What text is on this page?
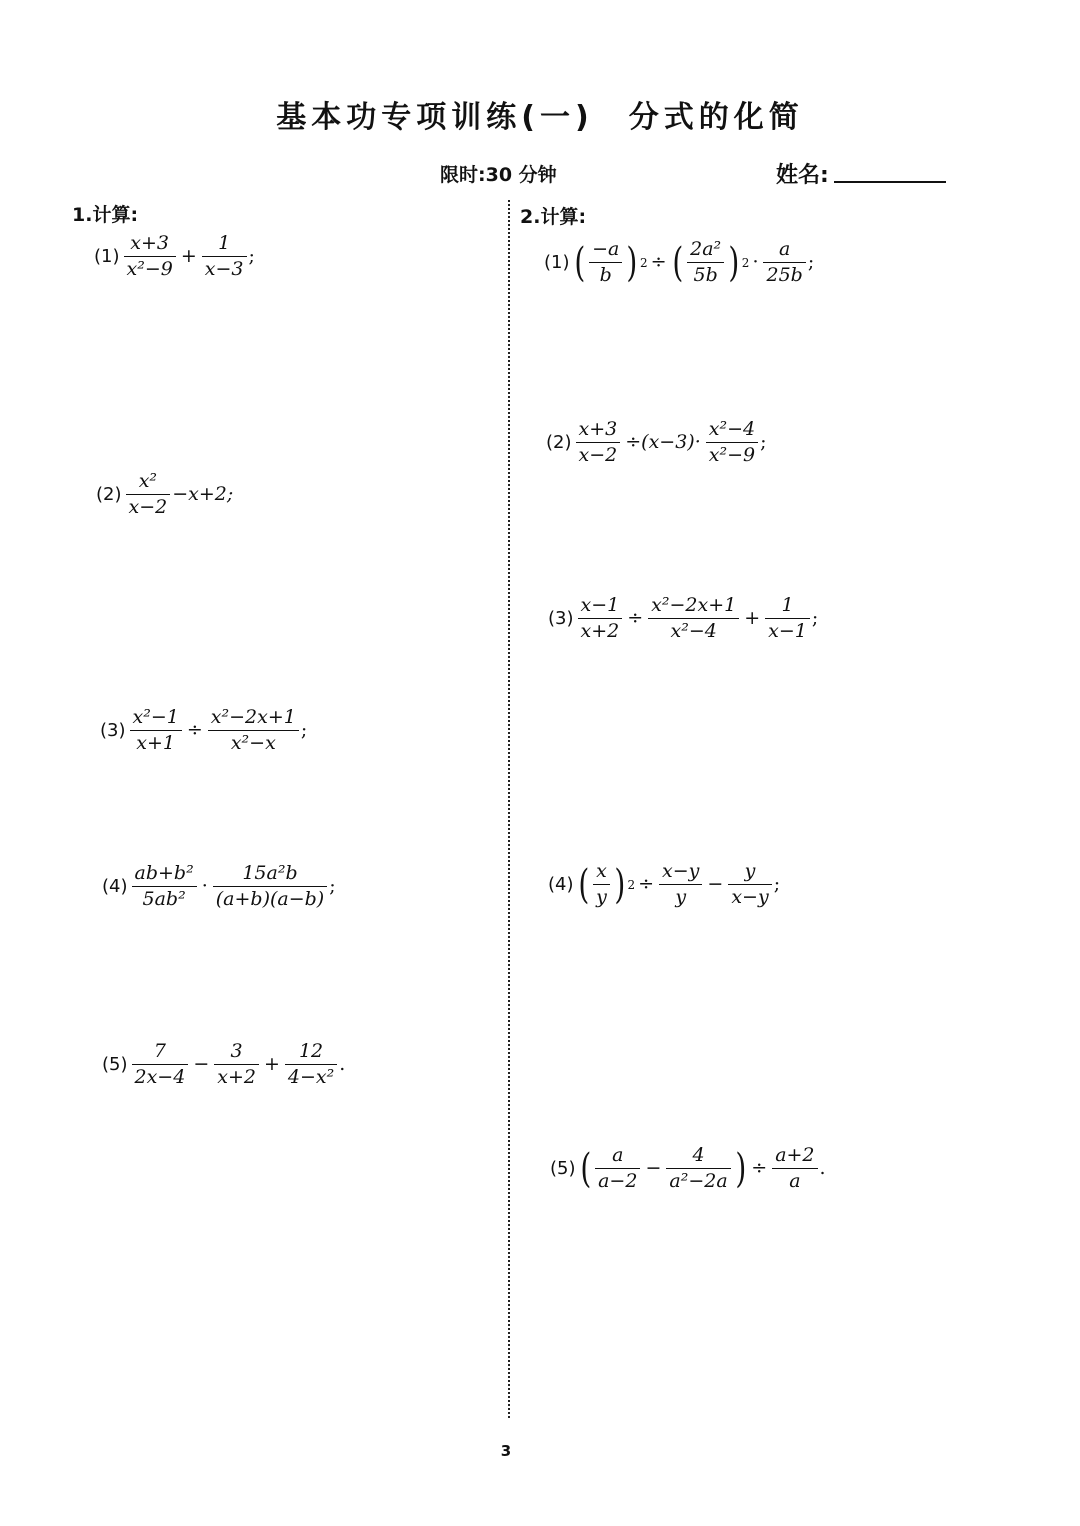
基本功专项训练(一)　分式的化简
限时:30 分钟	姓名:
1.计算:
$(1) \frac{x+3}{\text{x²−9}} + \frac{1}{x-3}$ ;
$(2) \frac{\text{x²}}{x-2} -x+2$;
$(3) \frac{\text{x²−1}}{x+1} \div \frac{\text{x²−2x+1}}{\text{x²−x}}$ ;
$(4) \frac{\text{ab+b²}}{\text{5ab²}} \cdot \frac{\text{15a²b}}{(a+b)(a-b)}$ ;
$(5) \frac{7}{2x-4} - \frac{3}{x+2} + \frac{12}{\text{4−x²}}$ .
2.计算:
(1) ( $\frac{-a}{b}$ ) 2 ÷ ( $\frac{\text{2a²}}{5b}$ ) $2 \cdot \frac{a}{25b}$ ;
$(2) \frac{x+3}{x-2} \div(x-3)\cdot \frac{\text{x²−4}}{\text{x²−9}}$ ;
$(3) \frac{x-1}{x+2} \div \frac{\text{x²−2x+1}}{\text{x²−4}} + \frac{1}{x-1}$ ;
(4) ( $\frac{x}{y}$ ) $2 \div \frac{x-y}{y} - \frac{y}{x-y}$ ;
(5) ( $\frac{a}{a-2} - \frac{4}{\text{a²−2a}}$ ) ÷ $\frac{a+2}{a}$ .
3
